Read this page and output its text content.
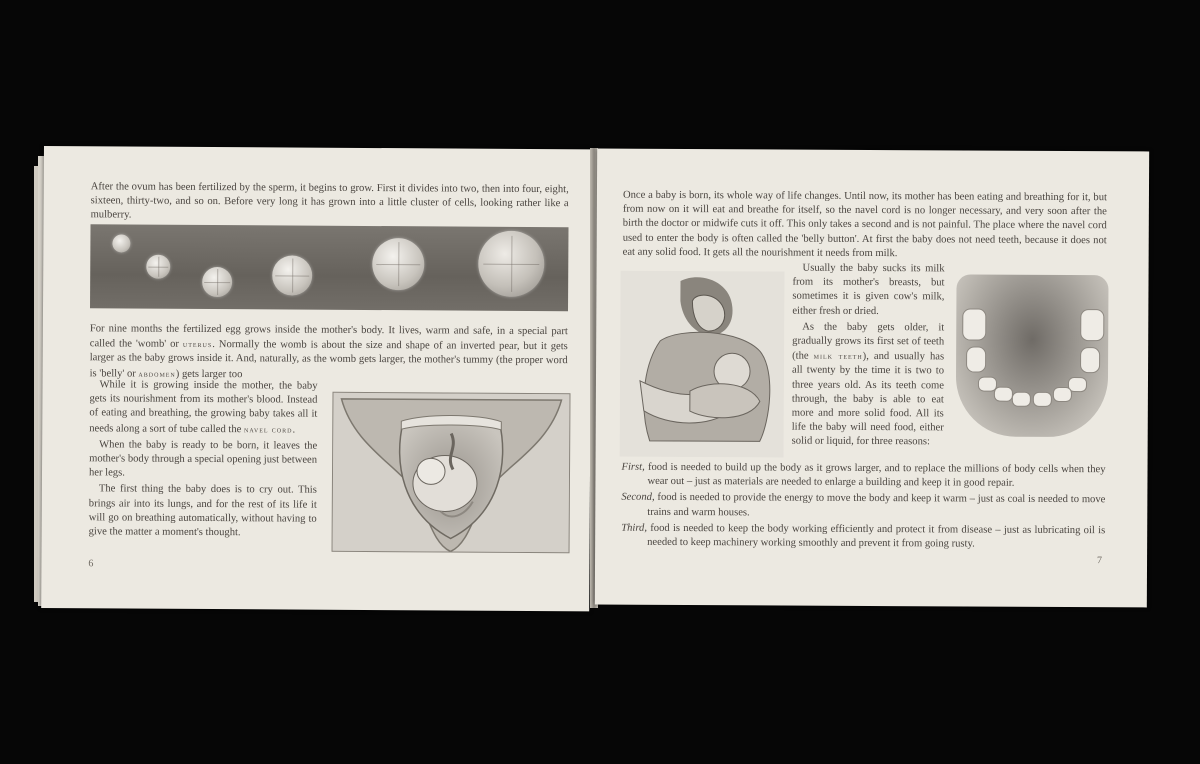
After the ovum has been fertilized by the sperm, it begins to grow. First it divides into two, then into four, eight, sixteen, thirty-two, and so on. Before very long it has grown into a little cluster of cells, looking rather like a mulberry.

For nine months the fertilized egg grows inside the mother's body. It lives, warm and safe, in a special part called the 'womb' or uterus. Normally the womb is about the size and shape of an inverted pear, but it gets larger as the baby grows inside it. And, naturally, as the womb gets larger, the mother's tummy (the proper word is 'belly' or abdomen) gets larger too

While it is growing inside the mother, the baby gets its nourishment from its mother's blood. Instead of eating and breathing, the growing baby takes all it needs along a sort of tube called the navel cord.

When the baby is ready to be born, it leaves the mother's body through a special opening just between her legs.

The first thing the baby does is to cry out. This brings air into its lungs, and for the rest of its life it will go on breathing automatically, without having to give the matter a moment's thought.

6

Once a baby is born, its whole way of life changes. Until now, its mother has been eating and breathing for it, but from now on it will eat and breathe for itself, so the navel cord is no longer necessary, and very soon after the birth the doctor or midwife cuts it off. This only takes a second and is not painful. The place where the navel cord used to enter the body is often called the 'belly button'. At first the baby does not need teeth, because it does not eat any solid food. It gets all the nourishment it needs from milk.

Usually the baby sucks its milk from its mother's breasts, but sometimes it is given cow's milk, either fresh or dried.

As the baby gets older, it gradually grows its first set of teeth (the milk teeth), and usually has all twenty by the time it is two to three years old. As its teeth come through, the baby is able to eat more and more solid food. All its life the baby will need food, either solid or liquid, for three reasons:

First, food is needed to build up the body as it grows larger, and to replace the millions of body cells when they wear out – just as materials are needed to enlarge a building and keep it in good repair.

Second, food is needed to provide the energy to move the body and keep it warm – just as coal is needed to move trains and warm houses.

Third, food is needed to keep the body working efficiently and protect it from disease – just as lubricating oil is needed to keep machinery working smoothly and prevent it from going rusty.

7
